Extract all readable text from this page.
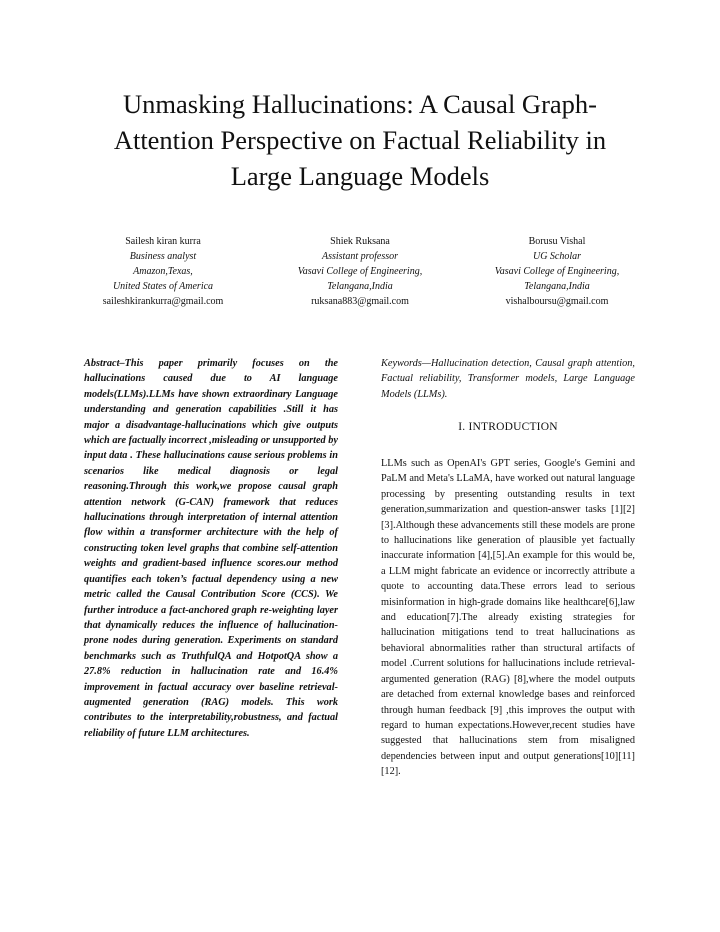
Unmasking Hallucinations: A Causal Graph-Attention Perspective on Factual Reliability in Large Language Models
Sailesh kiran kurra
Business analyst
Amazon,Texas,
United States of America
saileshkirankurra@gmail.com
Shiek Ruksana
Assistant professor
Vasavi College of Engineering,
Telangana,India
ruksana883@gmail.com
Borusu Vishal
UG Scholar
Vasavi College of Engineering,
Telangana,India
vishalboursu@gmail.com

Abstract–This paper primarily focuses on the hallucinations caused due to AI language models(LLMs).LLMs have shown extraordinary Language understanding and generation capabilities .Still it has major a disadvantage-hallucinations which give outputs which are factually incorrect ,misleading or unsupported by input data . These hallucinations cause serious problems in scenarios like medical diagnosis or legal reasoning.Through this work,we propose causal graph attention network (G-CAN) framework that reduces hallucinations through interpretation of internal attention flow within a transformer architecture with the help of constructing token level graphs that combine self-attention weights and gradient-based influence scores.our method quantifies each token’s factual dependency using a new metric called the Causal Contribution Score (CCS). We further introduce a fact-anchored graph re-weighting layer that dynamically reduces the influence of hallucination-prone nodes during generation. Experiments on standard benchmarks such as TruthfulQA and HotpotQA show a 27.8% reduction in hallucination rate and 16.4% improvement in factual accuracy over baseline retrieval-augmented generation (RAG) models. This work contributes to the interpretability,robustness, and factual reliability of future LLM architectures.

Keywords—Hallucination detection, Causal graph attention, Factual reliability, Transformer models, Large Language Models (LLMs).

I. INTRODUCTION

LLMs such as OpenAI's GPT series, Google's Gemini and PaLM and Meta's LLaMA, have worked out natural language processing by presenting outstanding results in text generation,summarization and question-answer tasks [1][2][3].Although these advancements still these models are prone to hallucinations like generation of plausible yet factually inaccurate information [4],[5].An example for this would be, a LLM might fabricate an evidence or incorrectly attribute a quote to accounting data.These errors lead to serious misinformation in high-grade domains like healthcare[6],law and education[7].The already existing strategies for hallucination mitigations tend to treat hallucinations as behavioral abnormalities rather than structural artifacts of model .Current solutions for hallucinations include retrieval-argumented generation (RAG) [8],where the model outputs are detached from external knowledge bases and reinforced through human feedback [9] ,this improves the output with regard to human expectations.However,recent studies have suggested that hallucinations stem from misaligned dependencies between input and output generations[10][11][12].
